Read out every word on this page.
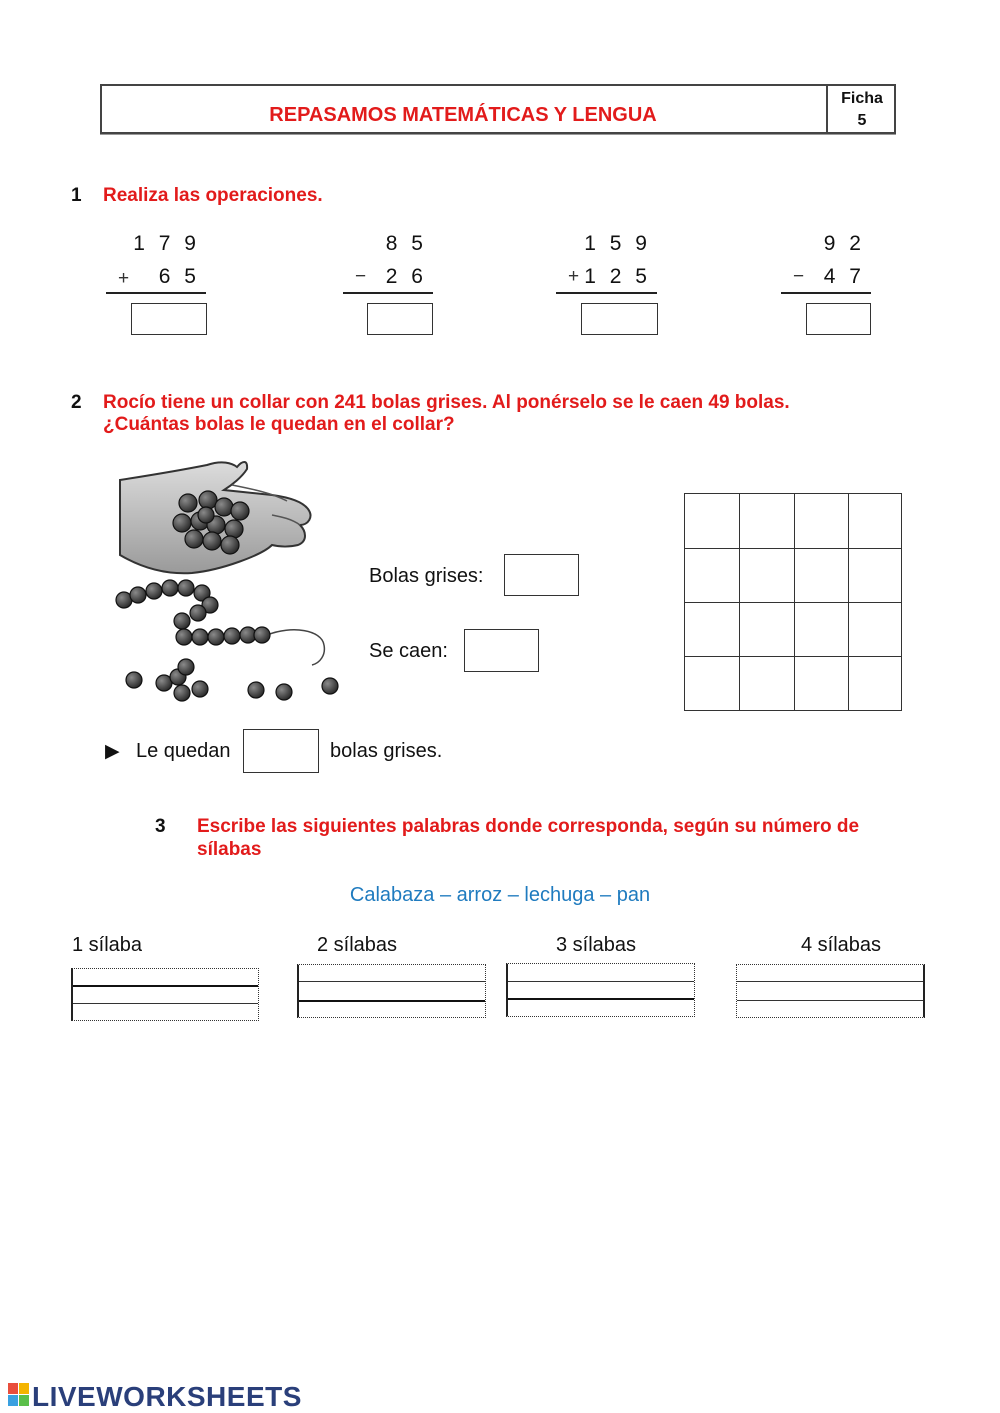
REPASAMOS MATEMÁTICAS Y LENGUA
Ficha
5
1 Realiza las operaciones.
1 7 9
+ 6 5
8 5
− 2 6
1 5 9
+ 1 2 5
9 2
− 4 7
2 Rocío tiene un collar con 241 bolas grises. Al ponérselo se le caen 49 bolas.
¿Cuántas bolas le quedan en el collar?
Bolas grises:
Se caen:
▶ Le quedan	bolas grises.
3 Escribe las siguientes palabras donde corresponda, según su número de
sílabas
Calabaza – arroz – lechuga – pan
1 sílaba	2 sílabas	3 sílabas	4 sílabas
LIVEWORKSHEETS
